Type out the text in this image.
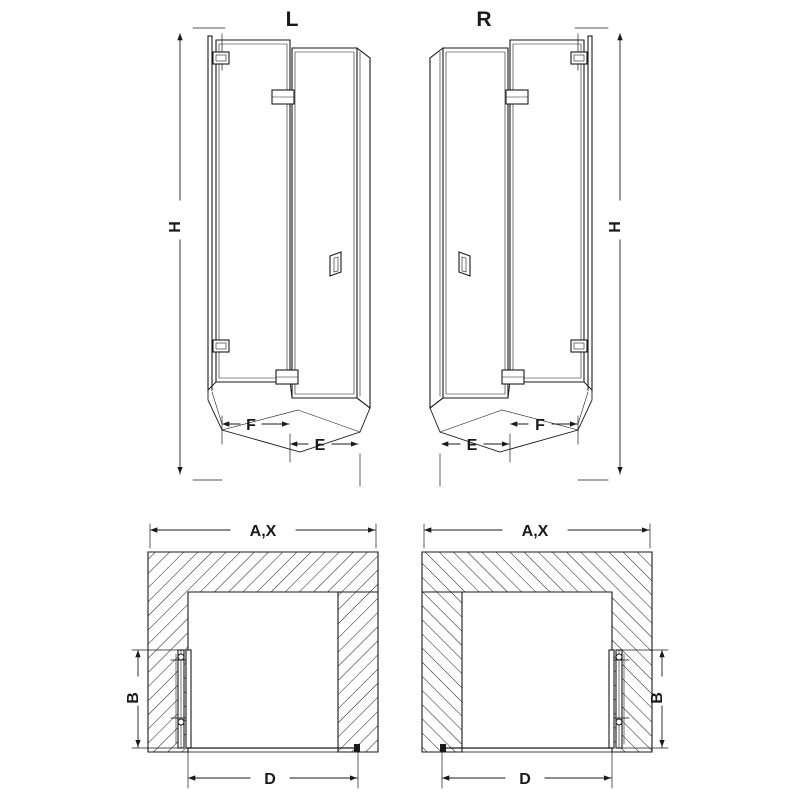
L	R
H	H
F
E	E
F
A,X	A,X
B	B
D	D
